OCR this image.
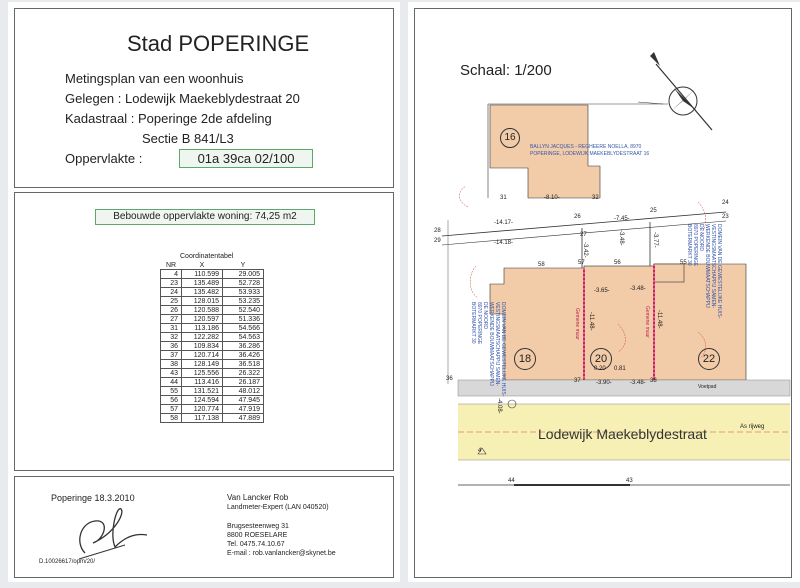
Stad POPERINGE
Metingsplan van een woonhuis
Gelegen : Lodewijk Maekeblydestraat 20
Kadastraal : Poperinge 2de afdeling
Sectie B 841/L3
Oppervlakte :	01a 39ca 02/100
Bebouwde oppervlakte woning: 74,25 m2
Coordinatentabel
NR	X	Y
4	110.599	29.005
23	135.489	52.728
24	135.482	53.933
25	128.015	53.235
26	120.588	52.540
27	120.597	51.336
31	113.186	54.566
32	122.282	54.563
36	109.834	36.286
37	120.714	36.426
38	128.149	36.518
43	125.556	26.322
44	113.416	26.187
55	131.521	48.012
56	124.594	47.945
57	120.774	47.919
58	117.138	47.889
Poperinge 18.3.2010
D.10026617/opm/20/
Van Lancker Rob
Landmeter-Expert (LAN 040520)
Brugsesteenweg 31
8800 ROESELARE
Tel. 0475.74.10.67
E-mail : rob.vanlancker@skynet.be
Schaal: 1/200
16
18	20	22
BALLYN JACQUES - REGHEERE NOELLA, 8970
POPERINGE, LODEWIJK MAEKEBLYDESTRAAT 16
DOMEIN VAN DE GEWESTELIJKE HUIS-
VESTINGSMAATSCHAPPIJ SAMEN-
WERKENDE BOUWMAATSCHAPPIJ
DE NOORD
8970 POPERINGE
BOTERMARKT 30
DOMEIN VAN DE GEWESTELIJKE HUIS-
VESTINGSMAATSCHAPPIJ SAMEN-
WERKENDE BOUWMAATSCHAPPIJ
DE NOORD
8970 POPERINGE
BOTERMARKT 30
Gemene muur	Gemene muur
Lodewijk Maekeblydestraat	As rijweg
Voetpad
31	32
24
23
25
26
28
29
27
58	57	56	55
36	37	38
44	43
4
-8.10-
-14.17-
-14.18-
-7.45-
-3.42-
-3.48-	-3.77-
-11.48-	-11.48-
-3.90-	-3.48-
-4.08-
0.20 0.81
-3.65-	-3.48-
